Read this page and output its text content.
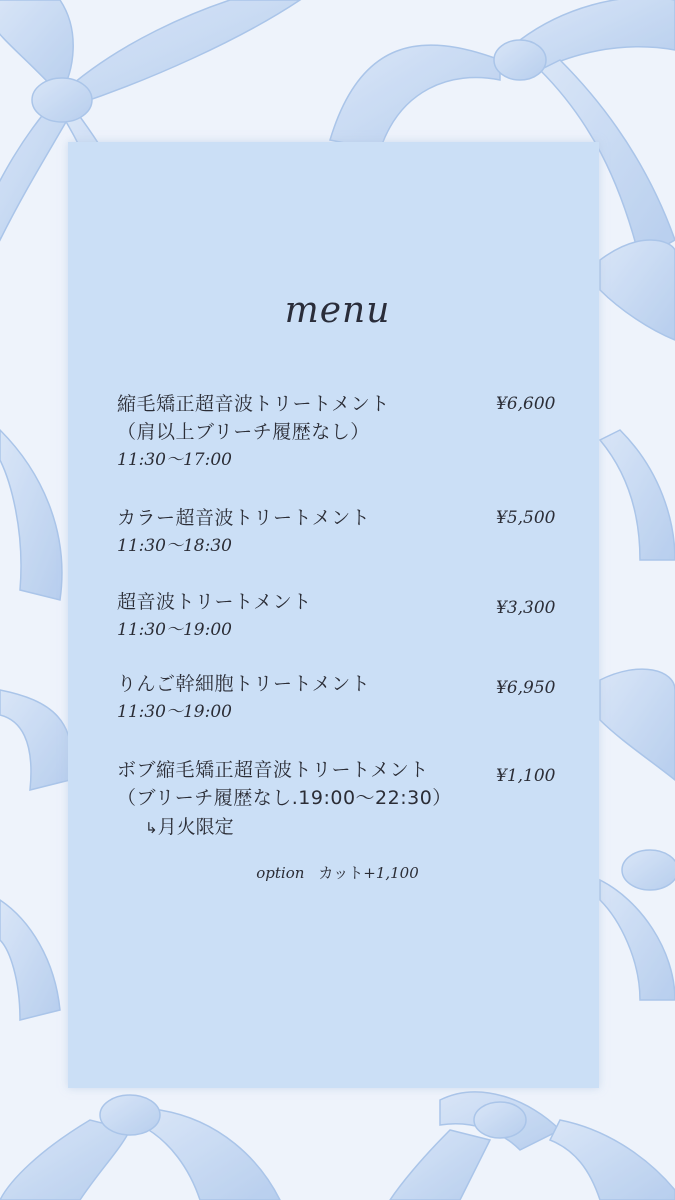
menu
縮毛矯正超音波トリートメント
（肩以上ブリーチ履歴なし）
11:30〜17:00
¥6,600
カラー超音波トリートメント
11:30〜18:30
¥5,500
超音波トリートメント
11:30〜19:00
¥3,300
りんご幹細胞トリートメント
11:30〜19:00
¥6,950
ボブ縮毛矯正超音波トリートメント
（ブリーチ履歴なし.19:00〜22:30）
↳月火限定
¥1,100
option カット+1,100
